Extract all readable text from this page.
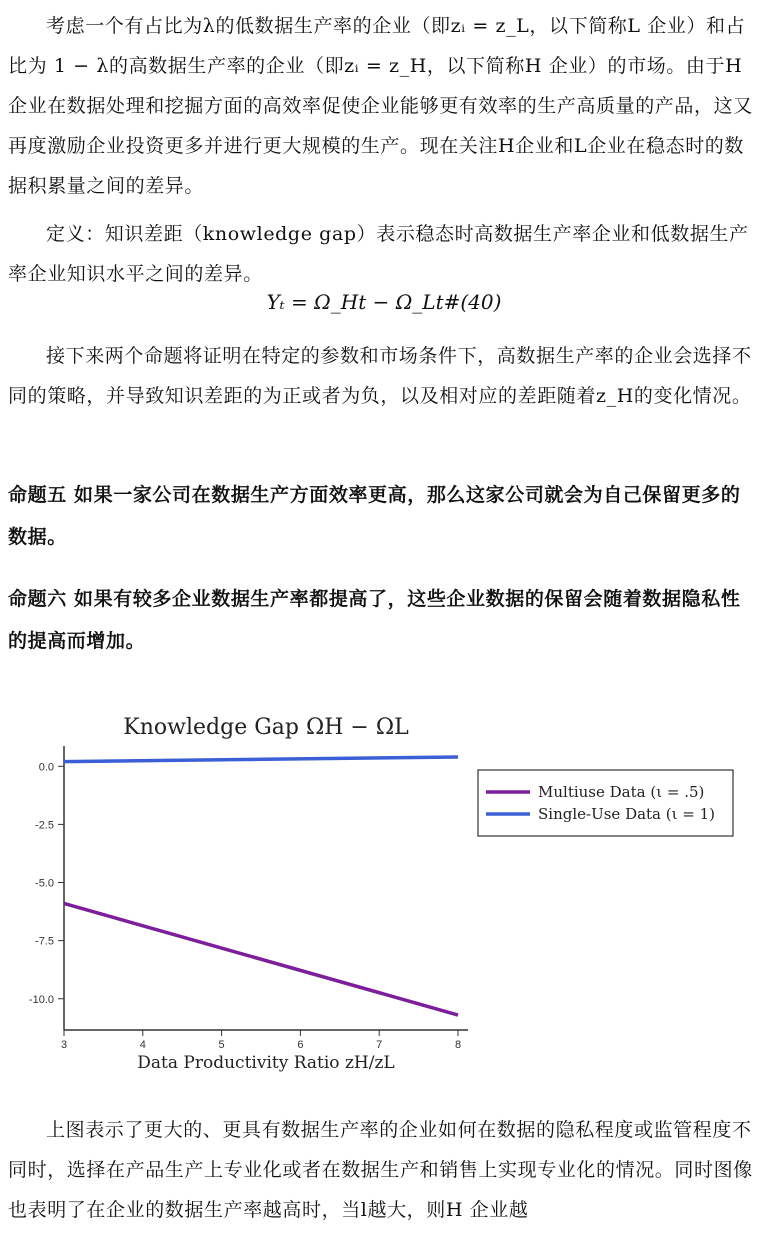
考虑一个有占比为λ的低数据生产率的企业（即zᵢ = z_L，以下简称L 企业）和占比为 1 − λ的高数据生产率的企业（即zᵢ = z_H，以下简称H 企业）的市场。由于H企业在数据处理和挖掘方面的高效率促使企业能够更有效率的生产高质量的产品，这又再度激励企业投资更多并进行更大规模的生产。现在关注H企业和L企业在稳态时的数据积累量之间的差异。
定义：知识差距（knowledge gap）表示稳态时高数据生产率企业和低数据生产率企业知识水平之间的差异。
Υₜ = Ω_Ht − Ω_Lt#(40)
接下来两个命题将证明在特定的参数和市场条件下，高数据生产率的企业会选择不同的策略，并导致知识差距的为正或者为负，以及相对应的差距随着z_H的变化情况。
命题五 如果一家公司在数据生产方面效率更高，那么这家公司就会为自己保留更多的数据。
命题六 如果有较多企业数据生产率都提高了，这些企业数据的保留会随着数据隐私性的提高而增加。
Knowledge Gap ΩH − ΩL
0.0
-2.5
-5.0
-7.5
-10.0
3	4	5	6	7	8
Data Productivity Ratio zH/zL
Multiuse Data (ι = .5)
Single-Use Data (ι = 1)
上图表示了更大的、更具有数据生产率的企业如何在数据的隐私程度或监管程度不同时，选择在产品生产上专业化或者在数据生产和销售上实现专业化的情况。同时图像也表明了在企业的数据生产率越高时，当l越大，则H 企业越
